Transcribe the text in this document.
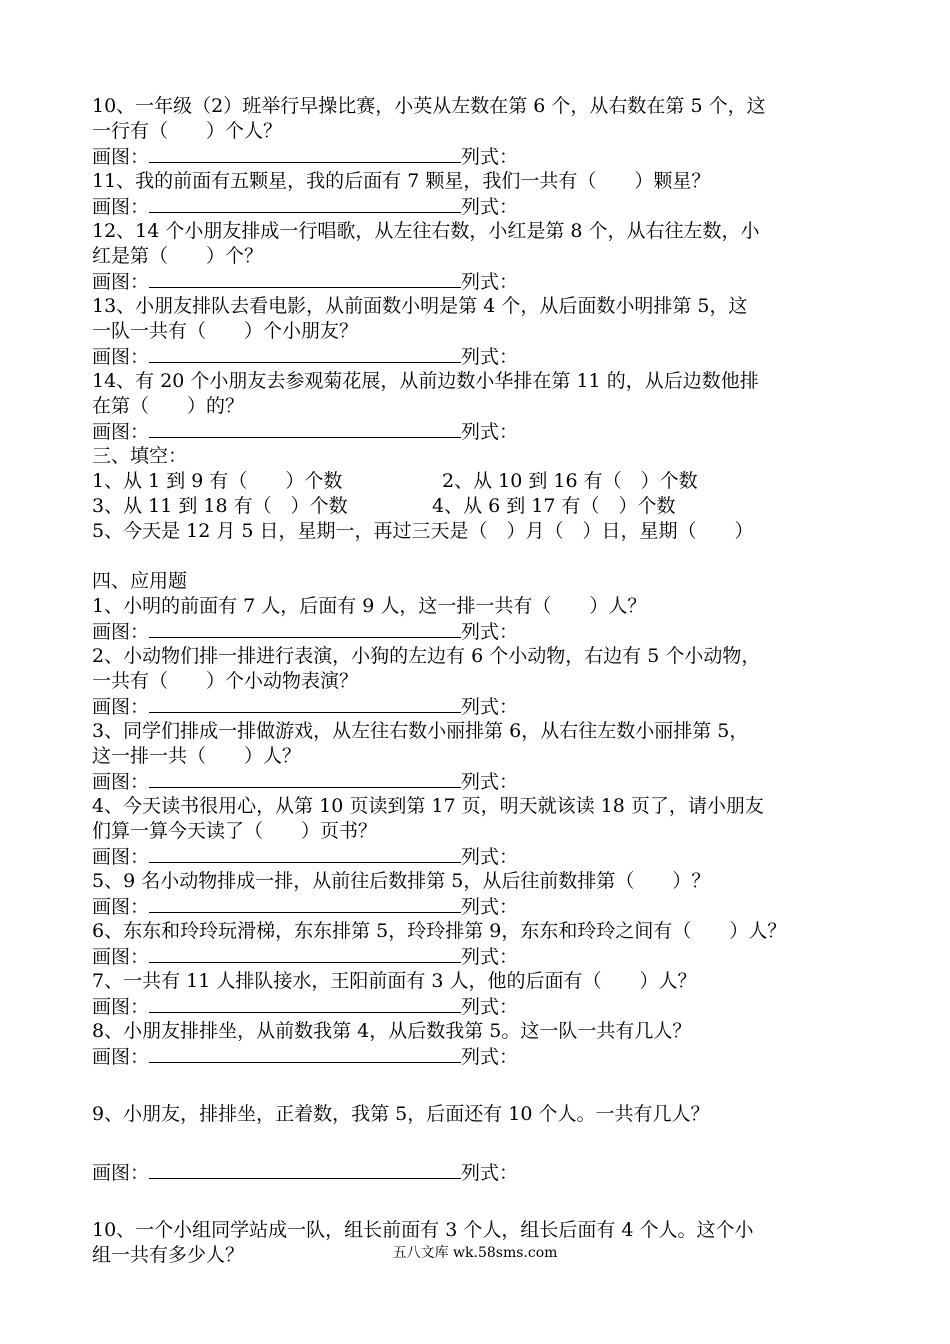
10、一年级（2）班举行早操比赛，小英从左数在第 6 个，从右数在第 5 个，这
一行有（　　）个人？
画图：	列式：
11、我的前面有五颗星，我的后面有 7 颗星，我们一共有（　　）颗星？
画图：	列式：
12、14 个小朋友排成一行唱歌，从左往右数，小红是第 8 个，从右往左数，小
红是第（　　）个？
画图：	列式：
13、小朋友排队去看电影，从前面数小明是第 4 个，从后面数小明排第 5，这
一队一共有（　　）个小朋友？
画图：	列式：
14、有 20 个小朋友去参观菊花展，从前边数小华排在第 11 的，从后边数他排
在第（　　）的？
画图：	列式：
三、填空：
1、从 1 到 9 有（　　）个数	2、从 10 到 16 有（　）个数
3、从 11 到 18 有（　）个数	4、从 6 到 17 有（　）个数
5、今天是 12 月 5 日，星期一，再过三天是（　）月（　）日，星期（　　）
四、应用题
1、小明的前面有 7 人，后面有 9 人，这一排一共有（　　）人？
画图：	列式：
2、小动物们排一排进行表演，小狗的左边有 6 个小动物，右边有 5 个小动物，
一共有（　　）个小动物表演？
画图：	列式：
3、同学们排成一排做游戏，从左往右数小丽排第 6，从右往左数小丽排第 5，
这一排一共（　　）人？
画图：	列式：
4、今天读书很用心，从第 10 页读到第 17 页，明天就该读 18 页了，请小朋友
们算一算今天读了（　　）页书？
画图：	列式：
5、9 名小动物排成一排，从前往后数排第 5，从后往前数排第（　　）？
画图：	列式：
6、东东和玲玲玩滑梯，东东排第 5，玲玲排第 9，东东和玲玲之间有（　　）人？
画图：	列式：
7、一共有 11 人排队接水，王阳前面有 3 人，他的后面有（　　）人？
画图：	列式：
8、小朋友排排坐，从前数我第 4，从后数我第 5。这一队一共有几人？
画图：	列式：
9、小朋友，排排坐，正着数，我第 5，后面还有 10 个人。一共有几人？
画图：	列式：
10、一个小组同学站成一队，组长前面有 3 个人，组长后面有 4 个人。这个小
组一共有多少人？	五八文库 wk.58sms.com
